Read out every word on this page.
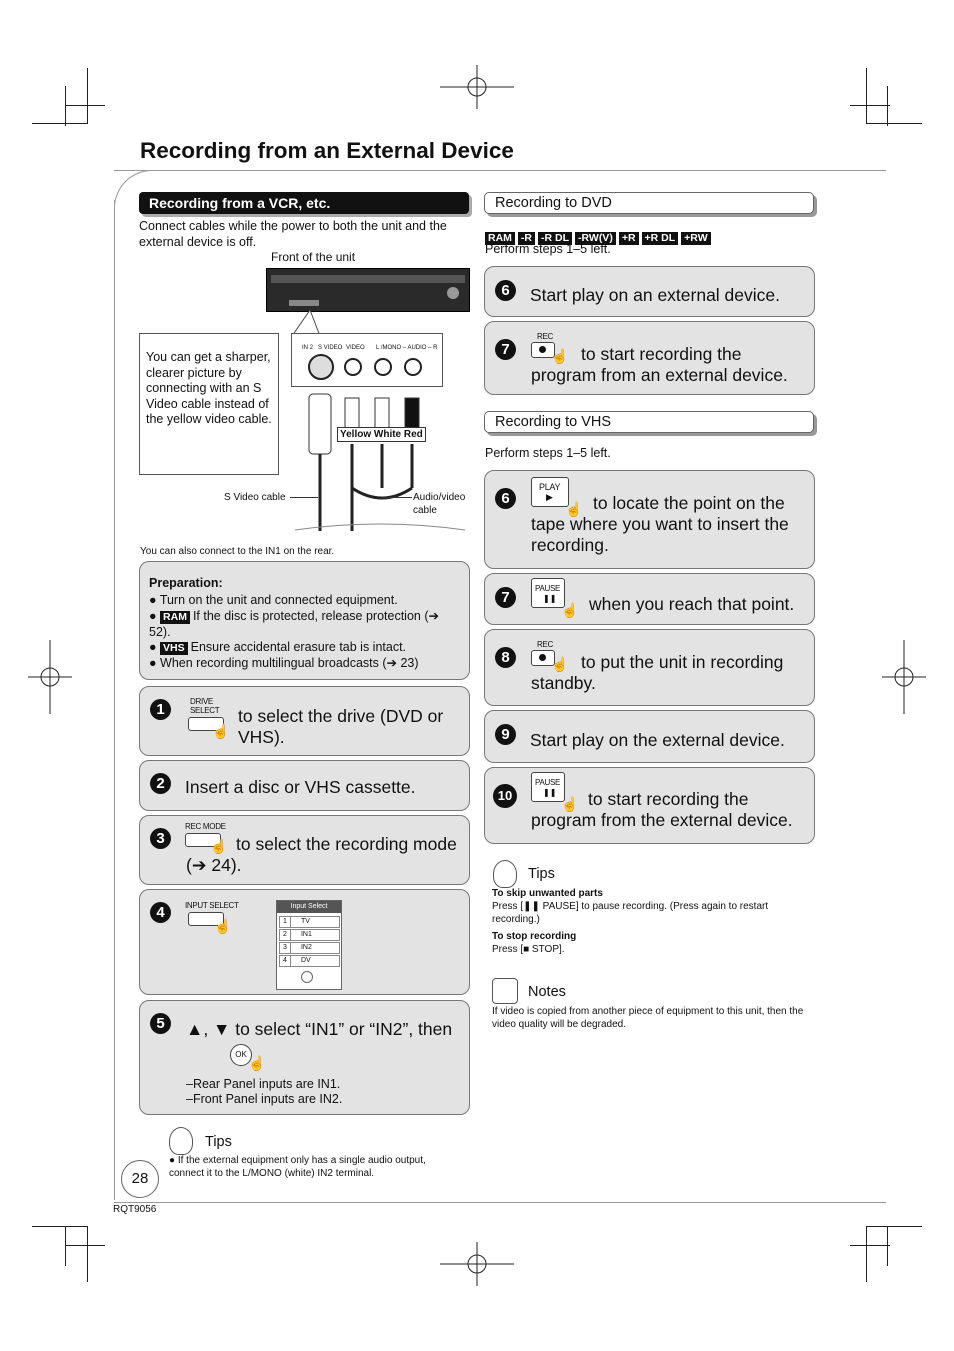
Recording from an External Device
Recording from a VCR, etc.
Connect cables while the power to both the unit and the external device is off.
Front of the unit
IN 2 S VIDEO VIDEO L /MONO – AUDIO – R
Yellow White Red
You can get a sharper, clearer picture by connecting with an S Video cable instead of the yellow video cable.
S Video cable	Audio/video cable
You can also connect to the IN1 on the rear.
Preparation:
● Turn on the unit and connected equipment.
● RAM If the disc is protected, release protection (➔ 52).
● VHS Ensure accidental erasure tab is intact.
● When recording multilingual broadcasts (➔ 23)
1	DRIVE SELECT
☝
to select the drive (DVD or VHS).
2	Insert a disc or VHS cassette.
3
REC MODE
☝ to select the recording mode (➔ 24).
4	INPUT SELECT
☝
Input Select
1 TV
2 IN1
3 IN2
4 DV
5	▲, ▼ to select “IN1” or “IN2”, then
OK
☝
–Rear Panel inputs are IN1.
–Front Panel inputs are IN2.
Tips
● If the external equipment only has a single audio output, connect it to the L/MONO (white) IN2 terminal.
28
RQT9056
Recording to DVD
RAM -R -R DL -RW(V) +R +R DL +RW
Perform steps 1–5 left.
6	Start play on an external device.
7
REC
☝ to start recording the program from an external device.
Recording to VHS
Perform steps 1–5 left.
6
PLAY
▶
☝ to locate the point on the tape where you want to insert the recording.
7
PAUSE
❚❚
☝ when you reach that point.
8
REC
☝ to put the unit in recording standby.
9	Start play on the external device.
10
PAUSE
❚❚
☝ to start recording the program from the external device.
Tips
To skip unwanted parts
Press [❚❚ PAUSE] to pause recording. (Press again to restart recording.)
To stop recording
Press [■ STOP].
Notes
If video is copied from another piece of equipment to this unit, then the video quality will be degraded.
